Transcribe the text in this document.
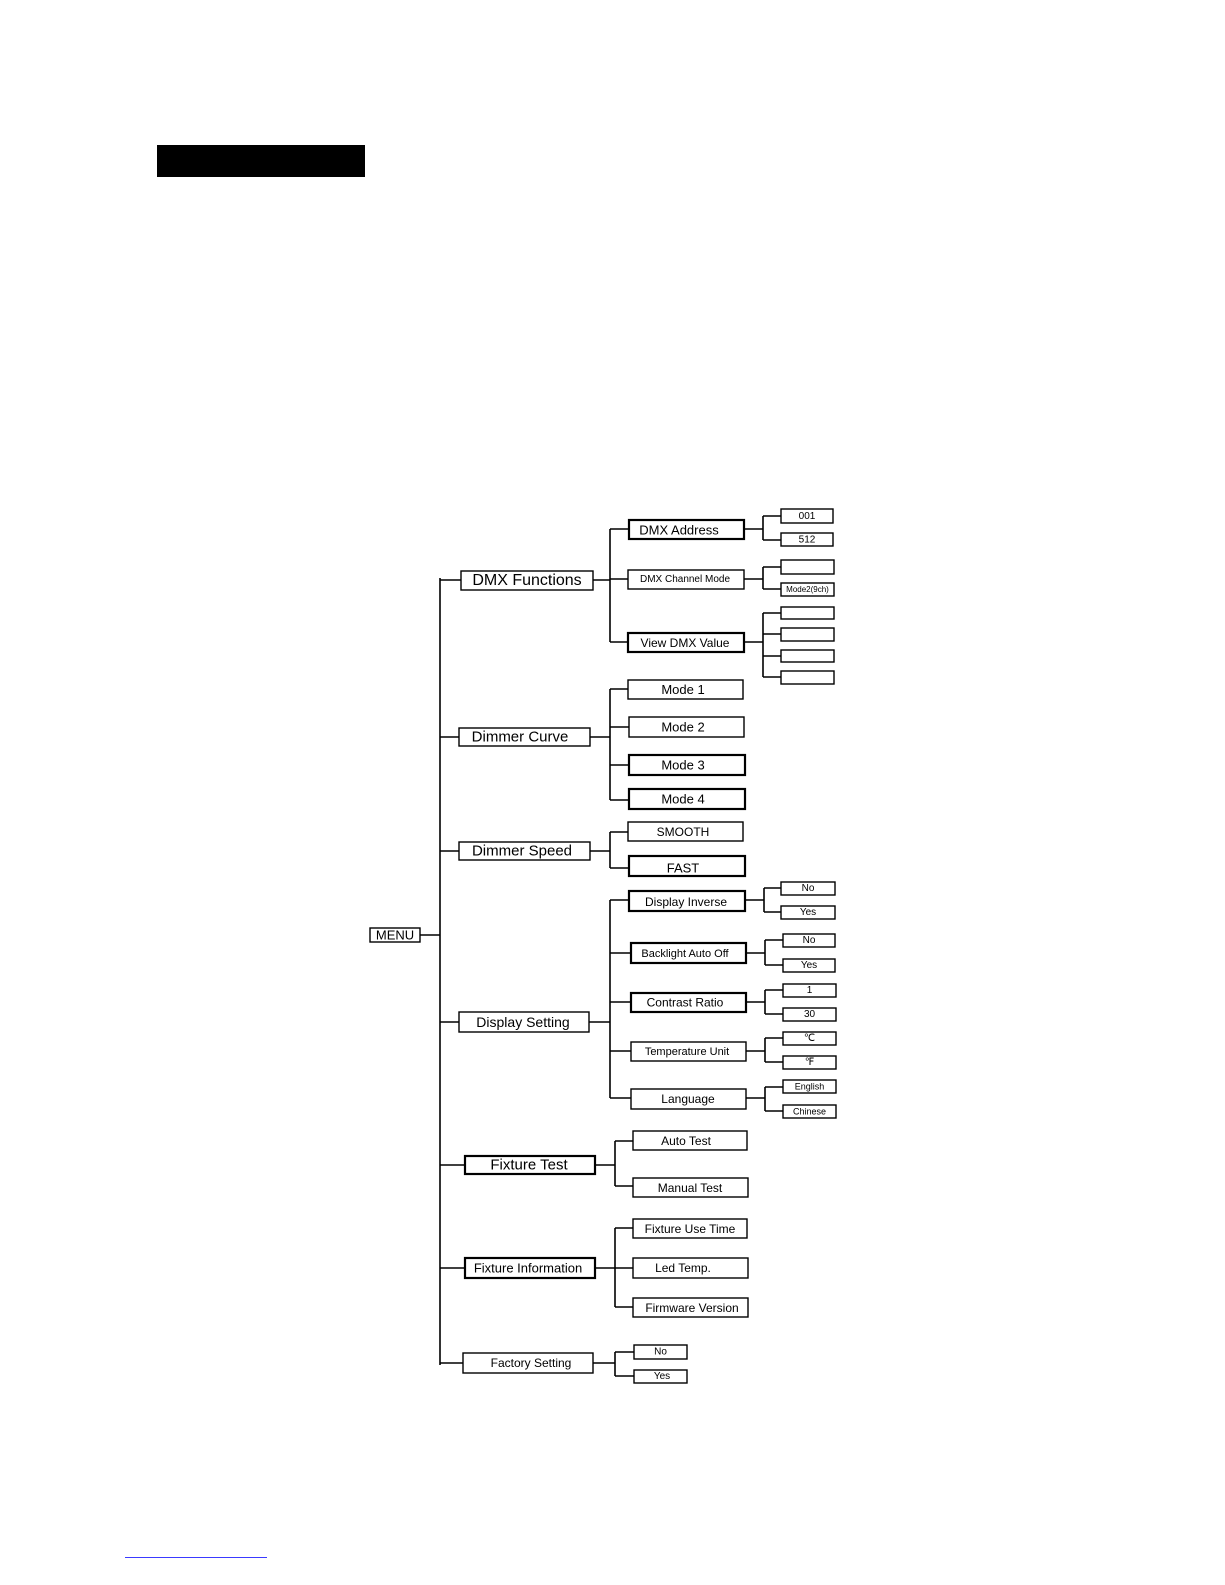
MENU
DMX Functions
Dimmer Curve
Dimmer Speed
Display Setting
Fixture Test
Fixture Information
Factory Setting
DMX Address
DMX Channel Mode
View DMX Value
001
512
Mode2(9ch)
Mode 1
Mode 2
Mode 3
Mode 4
SMOOTH
FAST
Display Inverse
Backlight Auto Off
Contrast Ratio
Temperature Unit
Language
No
Yes
No
Yes
1
30
℃
℉
English
Chinese
Auto Test
Manual Test
Fixture Use Time
Led Temp.
Firmware Version
No
Yes
